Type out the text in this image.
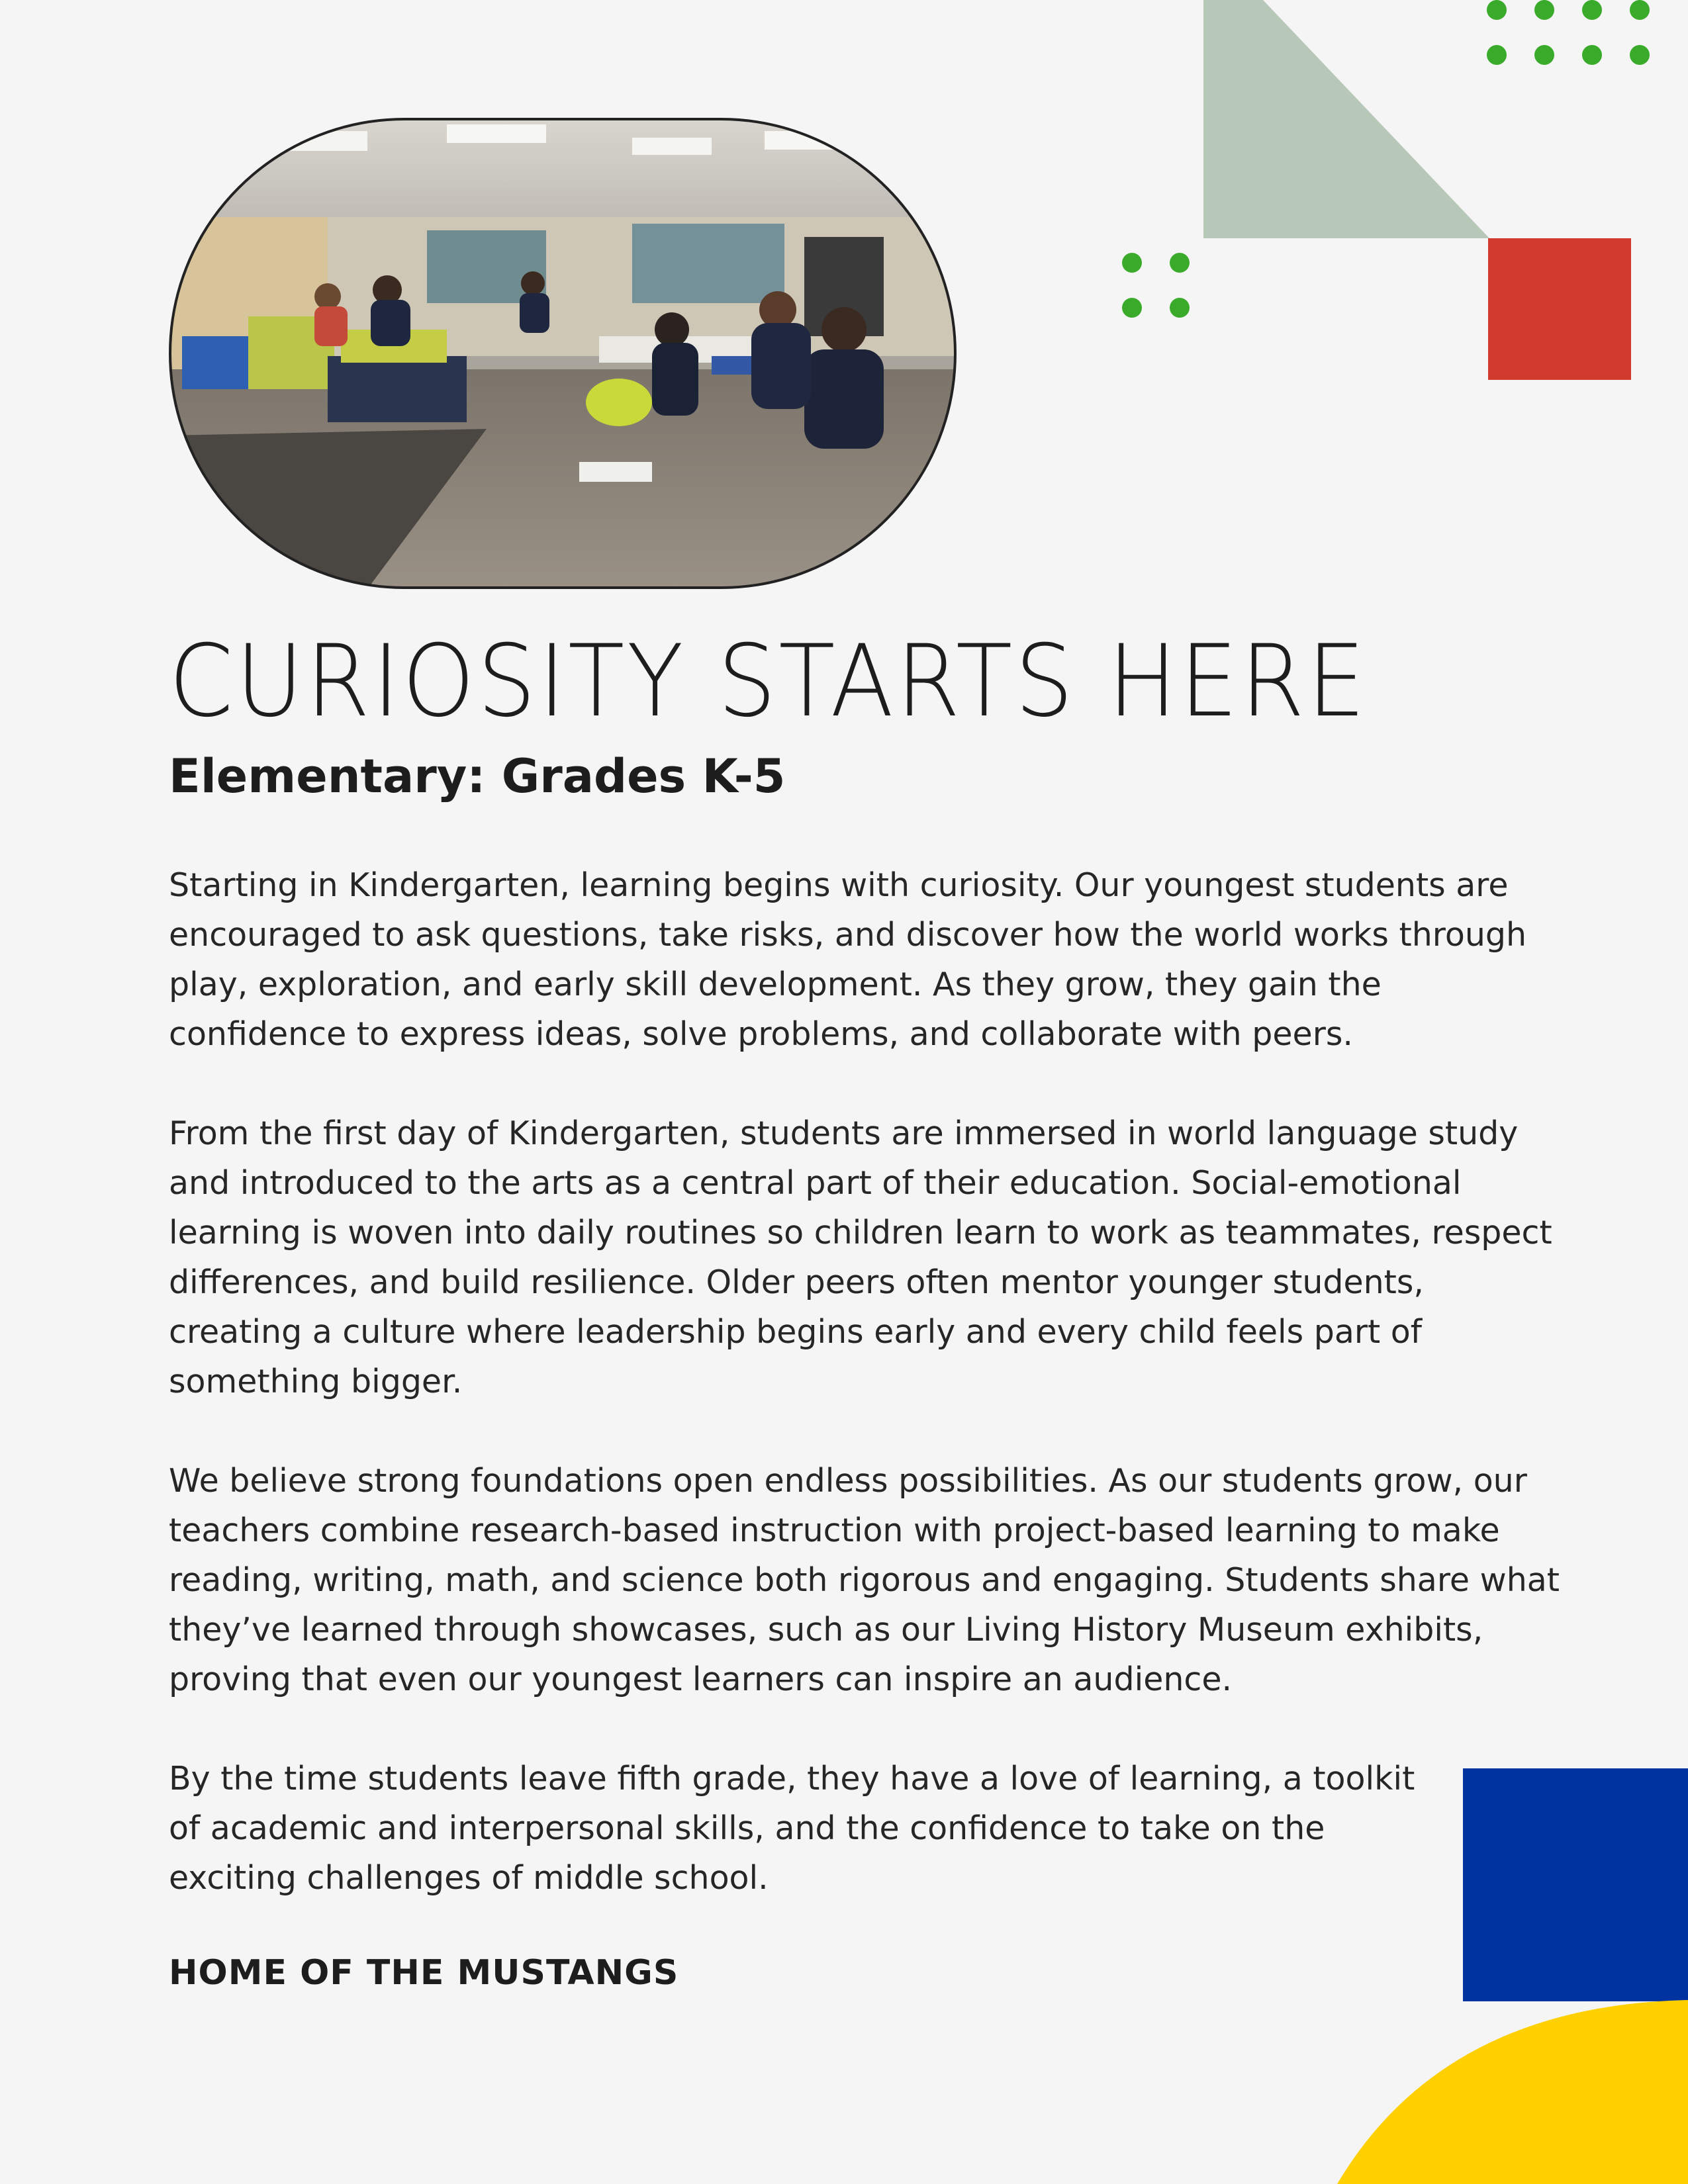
CURIOSITY STARTS HERE
Elementary: Grades K-5

Starting in Kindergarten, learning begins with curiosity. Our youngest students are encouraged to ask questions, take risks, and discover how the world works through play, exploration, and early skill development. As they grow, they gain the confidence to express ideas, solve problems, and collaborate with peers.

From the first day of Kindergarten, students are immersed in world language study and introduced to the arts as a central part of their education. Social-emotional learning is woven into daily routines so children learn to work as teammates, respect differences, and build resilience. Older peers often mentor younger students, creating a culture where leadership begins early and every child feels part of something bigger.

We believe strong foundations open endless possibilities. As our students grow, our teachers combine research-based instruction with project-based learning to make reading, writing, math, and science both rigorous and engaging. Students share what they’ve learned through showcases, such as our Living History Museum exhibits, proving that even our youngest learners can inspire an audience.

By the time students leave fifth grade, they have a love of learning, a toolkit of academic and interpersonal skills, and the confidence to take on the exciting challenges of middle school.

HOME OF THE MUSTANGS
